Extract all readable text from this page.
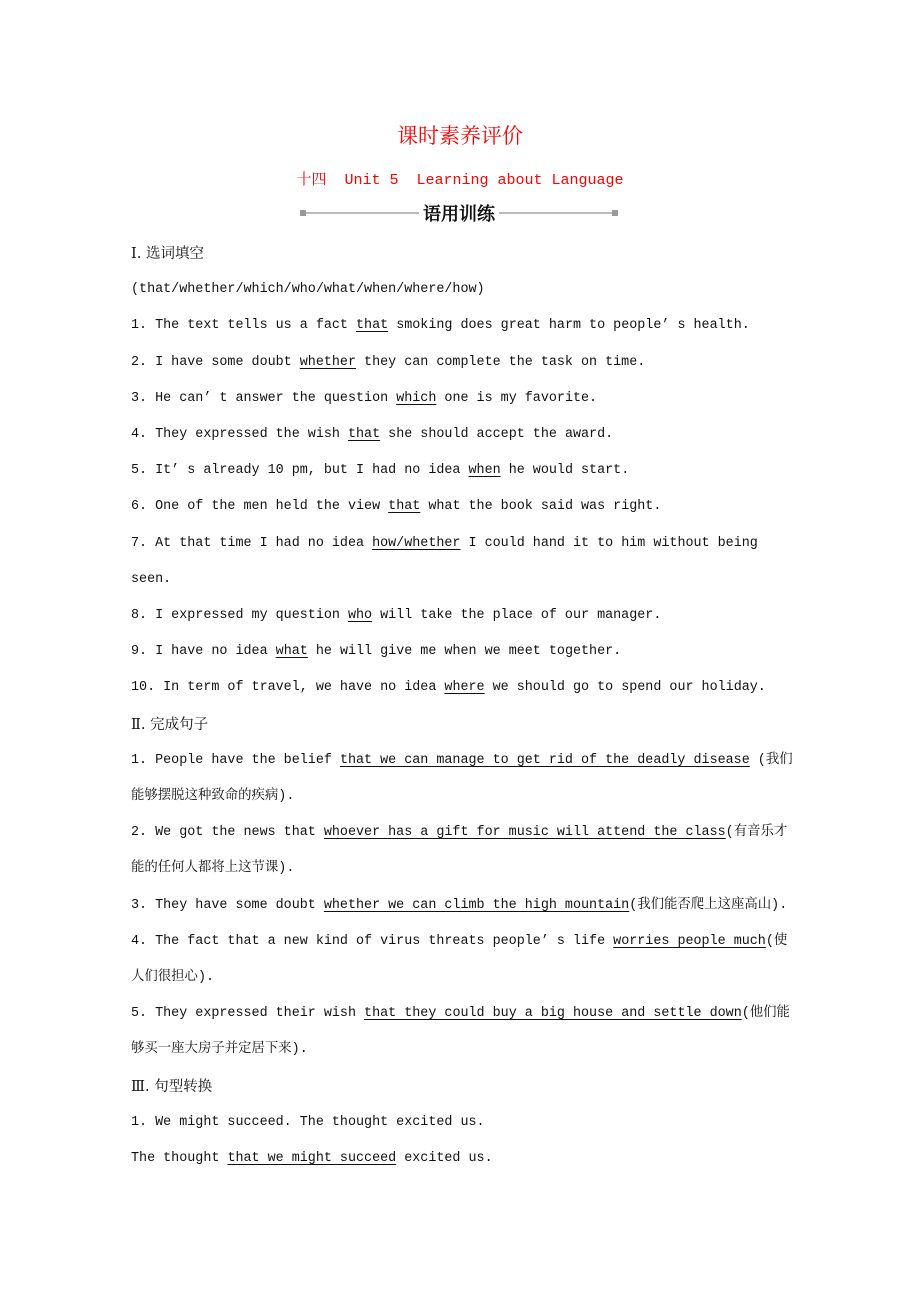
课时素养评价
十四  Unit 5  Learning about Language
语用训练

Ⅰ. 选词填空

(that/whether/which/who/what/when/where/how)

1. The text tells us a fact that smoking does great harm to people’ s health.

2. I have some doubt whether they can complete the task on time.

3. He can’ t answer the question which one is my favorite.

4. They expressed the wish that she should accept the award.

5. It’ s already 10 pm, but I had no idea when he would start.

6. One of the men held the view that what the book said was right.

7. At that time I had no idea how/whether I could hand it to him without being seen.

8. I expressed my question who will take the place of our manager.

9. I have no idea what he will give me when we meet together.

10. In term of travel, we have no idea where we should go to spend our holiday.

Ⅱ. 完成句子

1. People have the belief that we can manage to get rid of the deadly disease (我们能够摆脱这种致命的疾病).

2. We got the news that whoever has a gift for music will attend the class(有音乐才能的任何人都将上这节课).

3. They have some doubt whether we can climb the high mountain(我们能否爬上这座高山).

4. The fact that a new kind of virus threats people’ s life worries people much(使人们很担心).

5. They expressed their wish that they could buy a big house and settle down(他们能够买一座大房子并定居下来).

Ⅲ. 句型转换

1. We might succeed. The thought excited us.

The thought that we might succeed excited us.
